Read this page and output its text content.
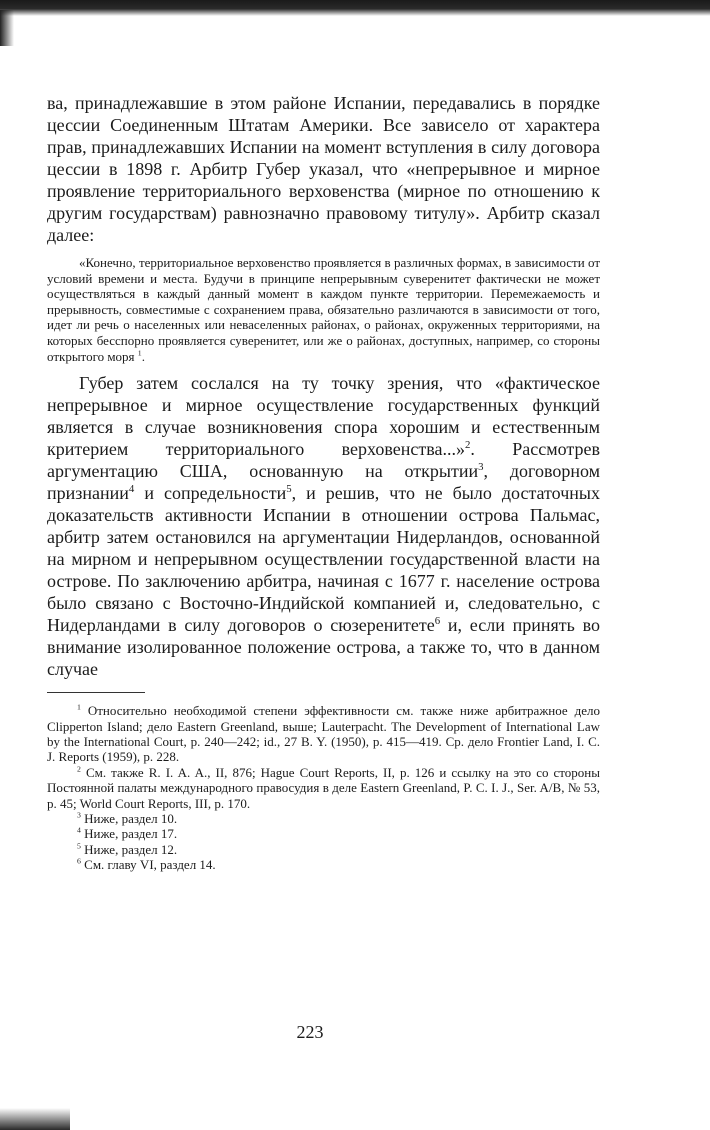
ва, принадлежавшие в этом районе Испании, передавались в порядке цессии Соединенным Штатам Америки. Все зависело от характера прав, принадлежавших Испании на момент вступления в силу договора цессии в 1898 г. Арбитр Губер указал, что «непрерывное и мирное проявление территориального верховенства (мирное по отношению к другим государствам) равнозначно правовому титулу». Арбитр сказал далее:

«Конечно, территориальное верховенство проявляется в различных формах, в зависимости от условий времени и места. Будучи в принципе непрерывным суверенитет фактически не может осуществляться в каждый данный момент в каждом пункте территории. Перемежаемость и прерывность, совместимые с сохранением права, обязательно различаются в зависимости от того, идет ли речь о населенных или неваселенных районах, о районах, окруженных территориями, на которых бесспорно проявляется суверенитет, или же о районах, доступных, например, со стороны открытого моря $^1$.

Губер затем сослался на ту точку зрения, что «фактическое непрерывное и мирное осуществление государственных функций является в случае возникновения спора хорошим и естественным критерием территориального верховенства...»$^2$. Рассмотрев аргументацию США, основанную на открытии$^3$, договорном признании$^4$ и сопредельности$^5$, и решив, что не было достаточных доказательств активности Испании в отношении острова Пальмас, арбитр затем остановился на аргументации Нидерландов, основанной на мирном и непрерывном осуществлении государственной власти на острове. По заключению арбитра, начиная с 1677 г. население острова было связано с Восточно-Индийской компанией и, следовательно, с Нидерландами в силу договоров о сюзеренитете$^6$ и, если принять во внимание изолированное положение острова, а также то, что в данном случае

$^1$ Относительно необходимой степени эффективности см. также ниже арбитражное дело Clipperton Island; дело Eastern Greenland, выше; Lauterpacht. The Development of International Law by the International Court, p. 240—242; id., 27 B. Y. (1950), p. 415—419. Ср. дело Frontier Land, I. C. J. Reports (1959), p. 228.

$^2$ См. также R. I. A. A., II, 876; Hague Court Reports, II, p. 126 и ссылку на это со стороны Постоянной палаты международного правосудия в деле Eastern Greenland, P. C. I. J., Ser. A/B, № 53, p. 45; World Court Reports, III, p. 170.

$^3$ Ниже, раздел 10.

$^4$ Ниже, раздел 17.

$^5$ Ниже, раздел 12.

$^6$ См. главу VI, раздел 14.

223
